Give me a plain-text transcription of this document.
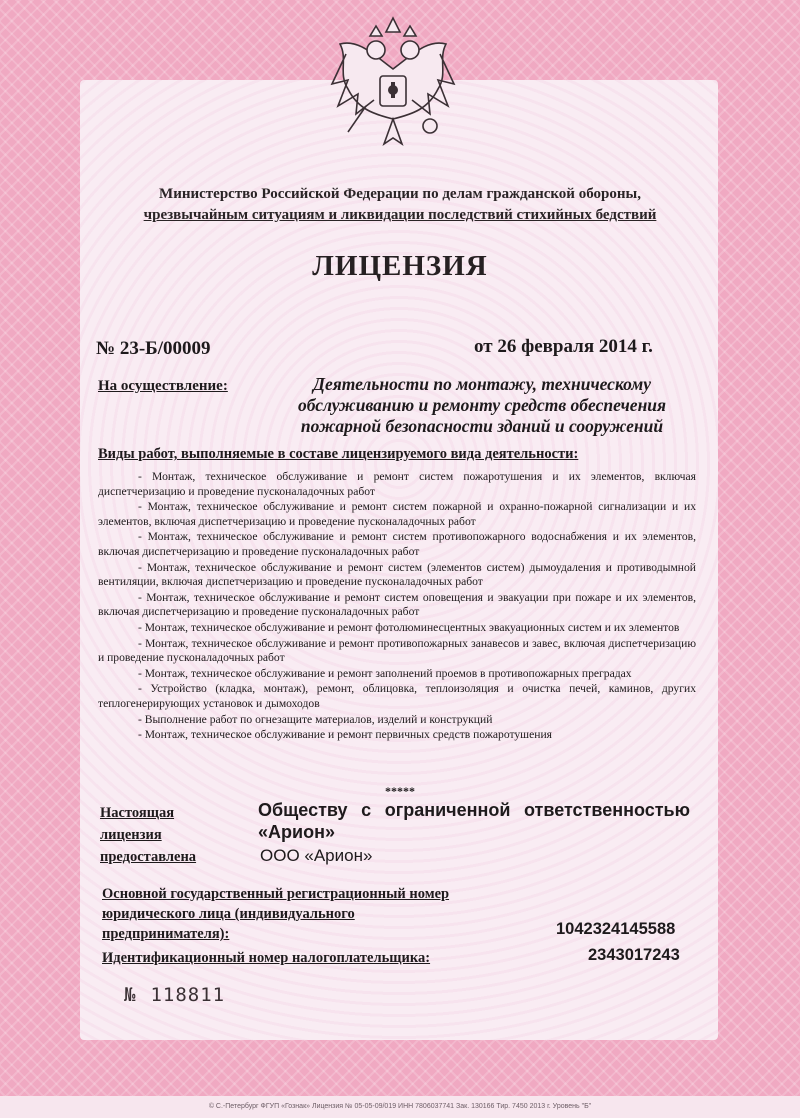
Министерство Российской Федерации по делам гражданской обороны,
чрезвычайным ситуациям и ликвидации последствий стихийных бедствий
ЛИЦЕНЗИЯ
№ 23-Б/00009	от 26 февраля 2014 г.
На осуществление:	Деятельности по монтажу, техническому
обслуживанию и ремонту средств обеспечения
пожарной безопасности зданий и сооружений
Виды работ, выполняемые в составе лицензируемого вида деятельности:

- Монтаж, техническое обслуживание и ремонт систем пожаротушения и их элементов, включая диспетчеризацию и проведение пусконаладочных работ

- Монтаж, техническое обслуживание и ремонт систем пожарной и охранно-пожарной сигнализации и их элементов, включая диспетчеризацию и проведение пусконаладочных работ

- Монтаж, техническое обслуживание и ремонт систем противопожарного водоснабжения и их элементов, включая диспетчеризацию и проведение пусконаладочных работ

- Монтаж, техническое обслуживание и ремонт систем (элементов систем) дымоудаления и противодымной вентиляции, включая диспетчеризацию и проведение пусконаладочных работ

- Монтаж, техническое обслуживание и ремонт систем оповещения и эвакуации при пожаре и их элементов, включая диспетчеризацию и проведение пусконаладочных работ

- Монтаж, техническое обслуживание и ремонт фотолюминесцентных эвакуационных систем и их элементов

- Монтаж, техническое обслуживание и ремонт противопожарных занавесов и завес, включая диспетчеризацию и проведение пусконаладочных работ

- Монтаж, техническое обслуживание и ремонт заполнений проемов в противопожарных преградах

- Устройство (кладка, монтаж), ремонт, облицовка, теплоизоляция и очистка печей, каминов, других теплогенерирующих установок и дымоходов

- Выполнение работ по огнезащите материалов, изделий и конструкций

- Монтаж, техническое обслуживание и ремонт первичных средств пожаротушения

*****
Настоящая
лицензия
предоставлена
Обществу с ограниченной ответственностью
«Арион»
ООО «Арион»
Основной государственный регистрационный номер
юридического лица (индивидуального
предпринимателя):	1042324145588
Идентификационный номер налогоплательщика:	2343017243
№ 118811
© С.-Петербург ФГУП «Гознак» Лицензия № 05-05-09/019 ИНН 7806037741 Зак. 130166 Тир. 7450 2013 г. Уровень "Б"
